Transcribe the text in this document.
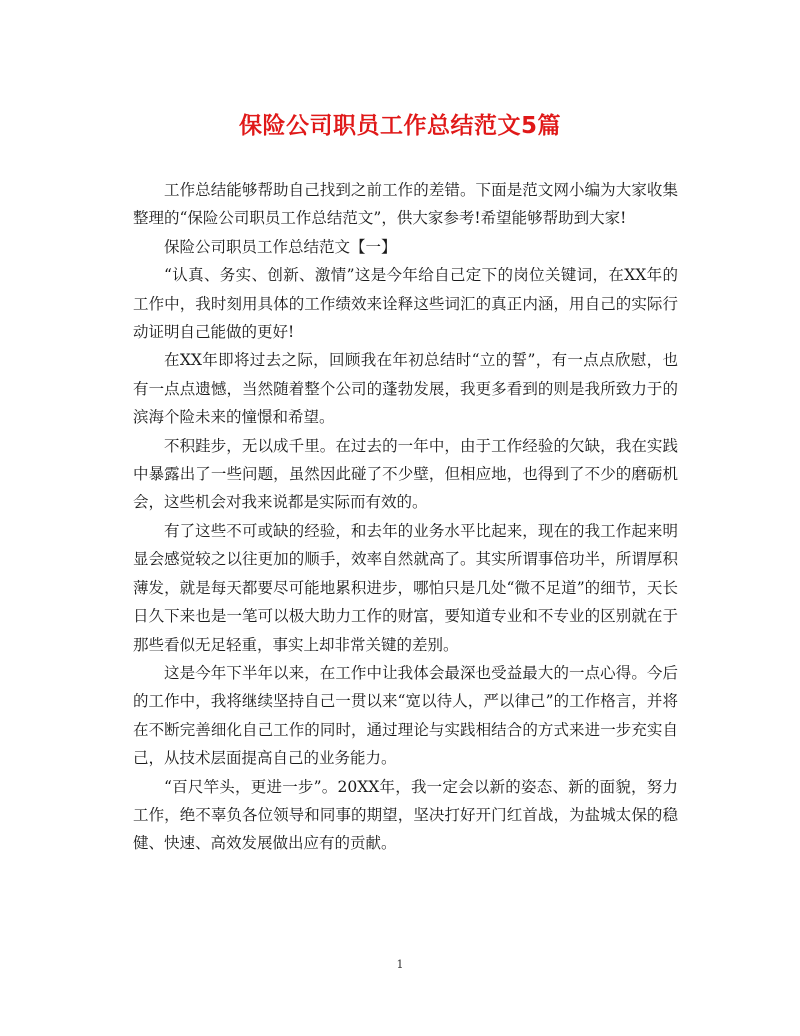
保险公司职员工作总结范文5篇

工作总结能够帮助自己找到之前工作的差错。下面是范文网小编为大家收集整理的“保险公司职员工作总结范文”，供大家参考!希望能够帮助到大家!

保险公司职员工作总结范文【一】

“认真、务实、创新、激情”这是今年给自己定下的岗位关键词，在XX年的工作中，我时刻用具体的工作绩效来诠释这些词汇的真正内涵，用自己的实际行动证明自己能做的更好!

在XX年即将过去之际，回顾我在年初总结时“立的誓”，有一点点欣慰，也有一点点遗憾，当然随着整个公司的蓬勃发展，我更多看到的则是我所致力于的滨海个险未来的憧憬和希望。

不积跬步，无以成千里。在过去的一年中，由于工作经验的欠缺，我在实践中暴露出了一些问题，虽然因此碰了不少壁，但相应地，也得到了不少的磨砺机会，这些机会对我来说都是实际而有效的。

有了这些不可或缺的经验，和去年的业务水平比起来，现在的我工作起来明显会感觉较之以往更加的顺手，效率自然就高了。其实所谓事倍功半，所谓厚积薄发，就是每天都要尽可能地累积进步，哪怕只是几处“微不足道”的细节，天长日久下来也是一笔可以极大助力工作的财富，要知道专业和不专业的区别就在于那些看似无足轻重，事实上却非常关键的差别。

这是今年下半年以来，在工作中让我体会最深也受益最大的一点心得。今后的工作中，我将继续坚持自己一贯以来“宽以待人，严以律己”的工作格言，并将在不断完善细化自己工作的同时，通过理论与实践相结合的方式来进一步充实自己，从技术层面提高自己的业务能力。

“百尺竿头，更进一步”。20XX年，我一定会以新的姿态、新的面貌，努力工作，绝不辜负各位领导和同事的期望，坚决打好开门红首战，为盐城太保的稳健、快速、高效发展做出应有的贡献。

1
